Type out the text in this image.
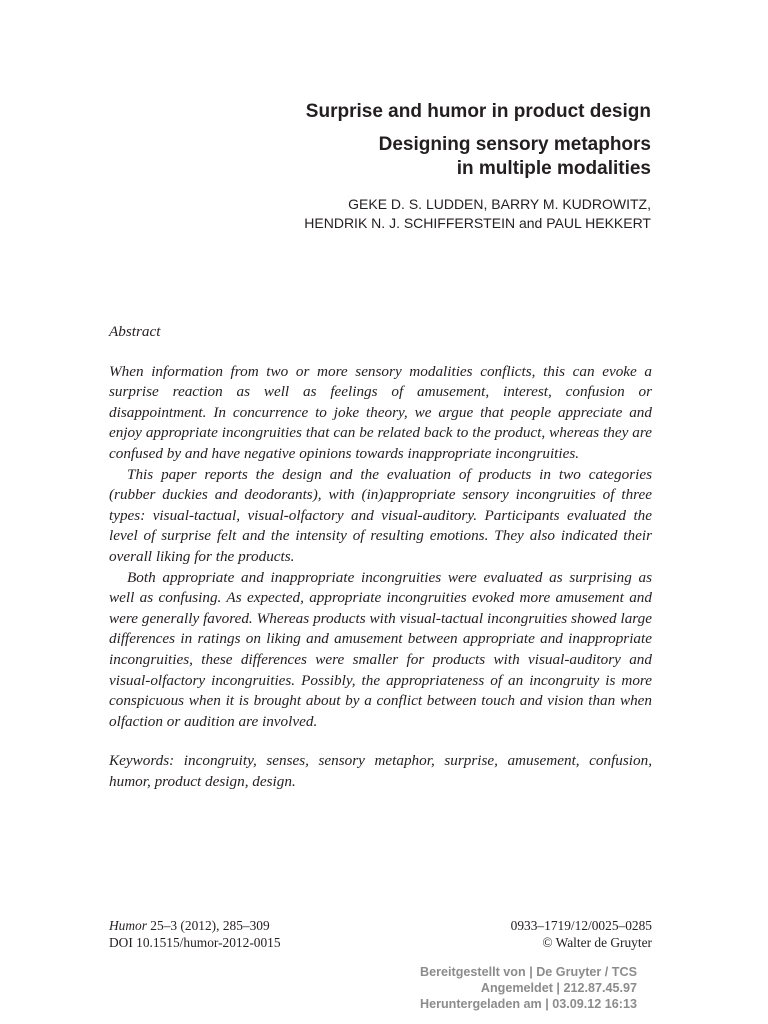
Surprise and humor in product design
Designing sensory metaphors
in multiple modalities
GEKE D. S. LUDDEN, BARRY M. KUDROWITZ,
HENDRIK N. J. SCHIFFERSTEIN and PAUL HEKKERT

Abstract

When information from two or more sensory modalities conflicts, this can evoke a surprise reaction as well as feelings of amusement, interest, confusion or disappointment. In concurrence to joke theory, we argue that people appreciate and enjoy appropriate incongruities that can be related back to the product, whereas they are confused by and have negative opinions towards inappropriate incongruities.

This paper reports the design and the evaluation of products in two categories (rubber duckies and deodorants), with (in)appropriate sensory incongruities of three types: visual-tactual, visual-olfactory and visual-auditory. Participants evaluated the level of surprise felt and the intensity of resulting emotions. They also indicated their overall liking for the products.

Both appropriate and inappropriate incongruities were evaluated as surprising as well as confusing. As expected, appropriate incongruities evoked more amusement and were generally favored. Whereas products with visual-tactual incongruities showed large differences in ratings on liking and amusement between appropriate and inappropriate incongruities, these differences were smaller for products with visual-auditory and visual-olfactory incongruities. Possibly, the appropriateness of an incongruity is more conspicuous when it is brought about by a conflict between touch and vision than when olfaction or audition are involved.

Keywords: incongruity, senses, sensory metaphor, surprise, amusement, confusion, humor, product design, design.

Humor 25–3 (2012), 285–309
DOI 10.1515/humor-2012-0015
0933–1719/12/0025–0285
© Walter de Gruyter
Bereitgestellt von | De Gruyter / TCS
Angemeldet | 212.87.45.97
Heruntergeladen am | 03.09.12 16:13
